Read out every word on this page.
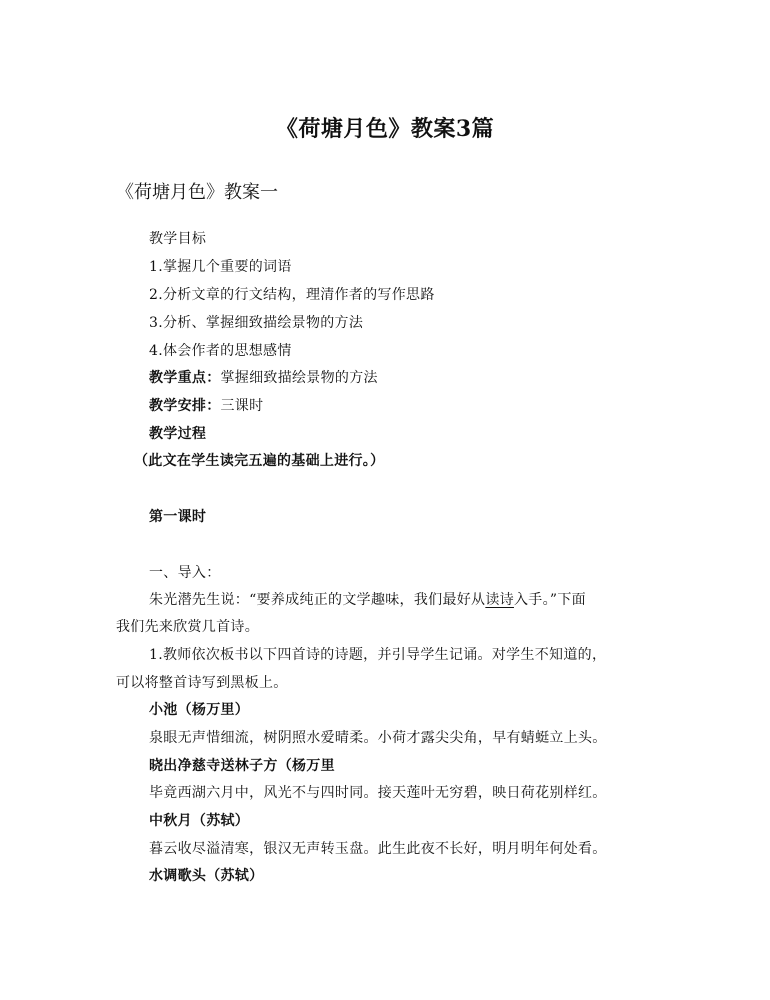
《荷塘月色》教案3篇
《荷塘月色》教案一
教学目标
1.掌握几个重要的词语
2.分析文章的行文结构，理清作者的写作思路
3.分析、掌握细致描绘景物的方法
4.体会作者的思想感情
教学重点：掌握细致描绘景物的方法
教学安排：三课时
教学过程
（此文在学生读完五遍的基础上进行。）
第一课时
一、导入：
朱光潜先生说：“要养成纯正的文学趣味，我们最好从读诗入手。”下面
我们先来欣赏几首诗。
1.教师依次板书以下四首诗的诗题，并引导学生记诵。对学生不知道的，
可以将整首诗写到黑板上。
小池（杨万里）
泉眼无声惜细流，树阴照水爱晴柔。小荷才露尖尖角，早有蜻蜓立上头。
晓出净慈寺送林子方（杨万里
毕竟西湖六月中，风光不与四时同。接天莲叶无穷碧，映日荷花别样红。
中秋月（苏轼）
暮云收尽溢清寒，银汉无声转玉盘。此生此夜不长好，明月明年何处看。
水调歌头（苏轼）
